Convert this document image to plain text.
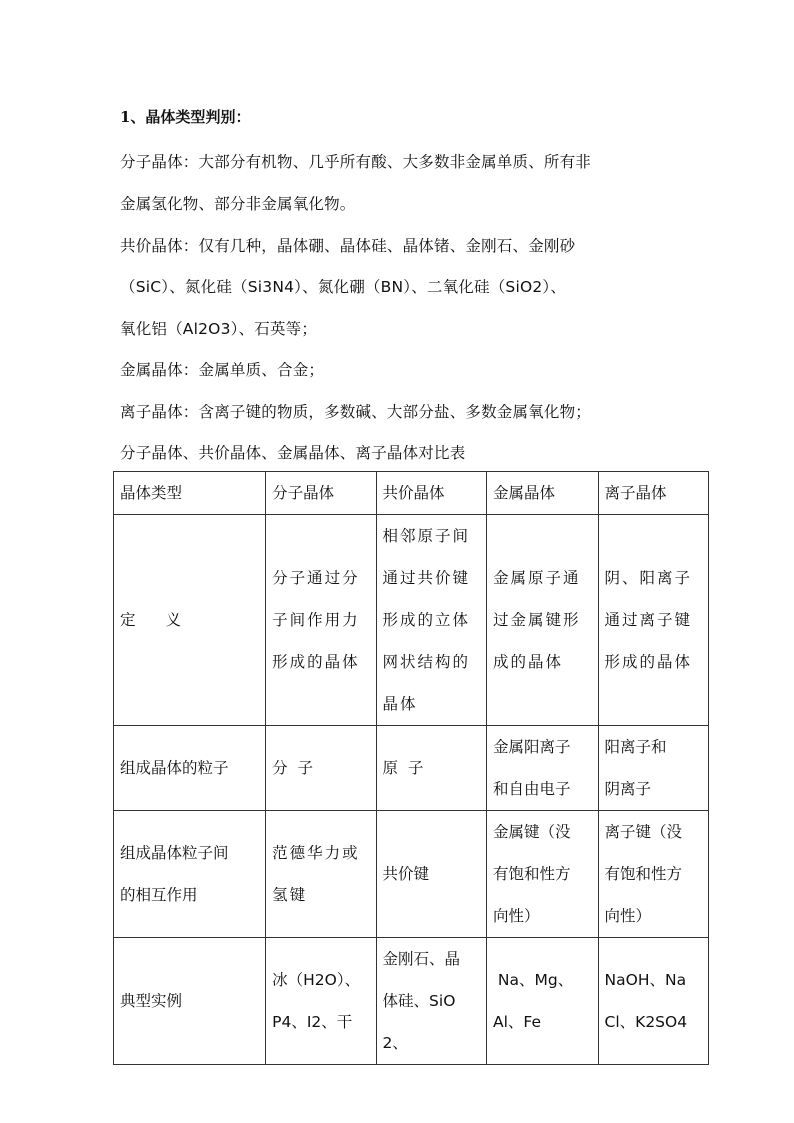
1、晶体类型判别：
分子晶体：大部分有机物、几乎所有酸、大多数非金属单质、所有非
金属氢化物、部分非金属氧化物。
共价晶体：仅有几种，晶体硼、晶体硅、晶体锗、金刚石、金刚砂
（SiC）、氮化硅（Si3N4）、氮化硼（BN）、二氧化硅（SiO2）、
氧化铝（Al2O3）、石英等；
金属晶体：金属单质、合金；
离子晶体：含离子键的物质，多数碱、大部分盐、多数金属氧化物；
分子晶体、共价晶体、金属晶体、离子晶体对比表
晶体类型	分子晶体	共价晶体	金属晶体	离子晶体
定 义	分子通过分
子间作用力
形成的晶体	相邻原子间
通过共价键
形成的立体
网状结构的
晶体	金属原子通
过金属键形
成的晶体	阴、阳离子
通过离子键
形成的晶体

组成晶体的粒子	分  子	原  子	金属阳离子
和自由电子	阳离子和
阴离子

组成晶体粒子间
的相互作用	范德华力或
氢键	共价键	金属键（没
有饱和性方
向性）	离子键（没
有饱和性方
向性）

典型实例	冰（H2O）、
P4、I2、干	金刚石、晶
体硅、SiO2、	Na、Mg、
Al、Fe	NaOH、Na
Cl、K2SO4
